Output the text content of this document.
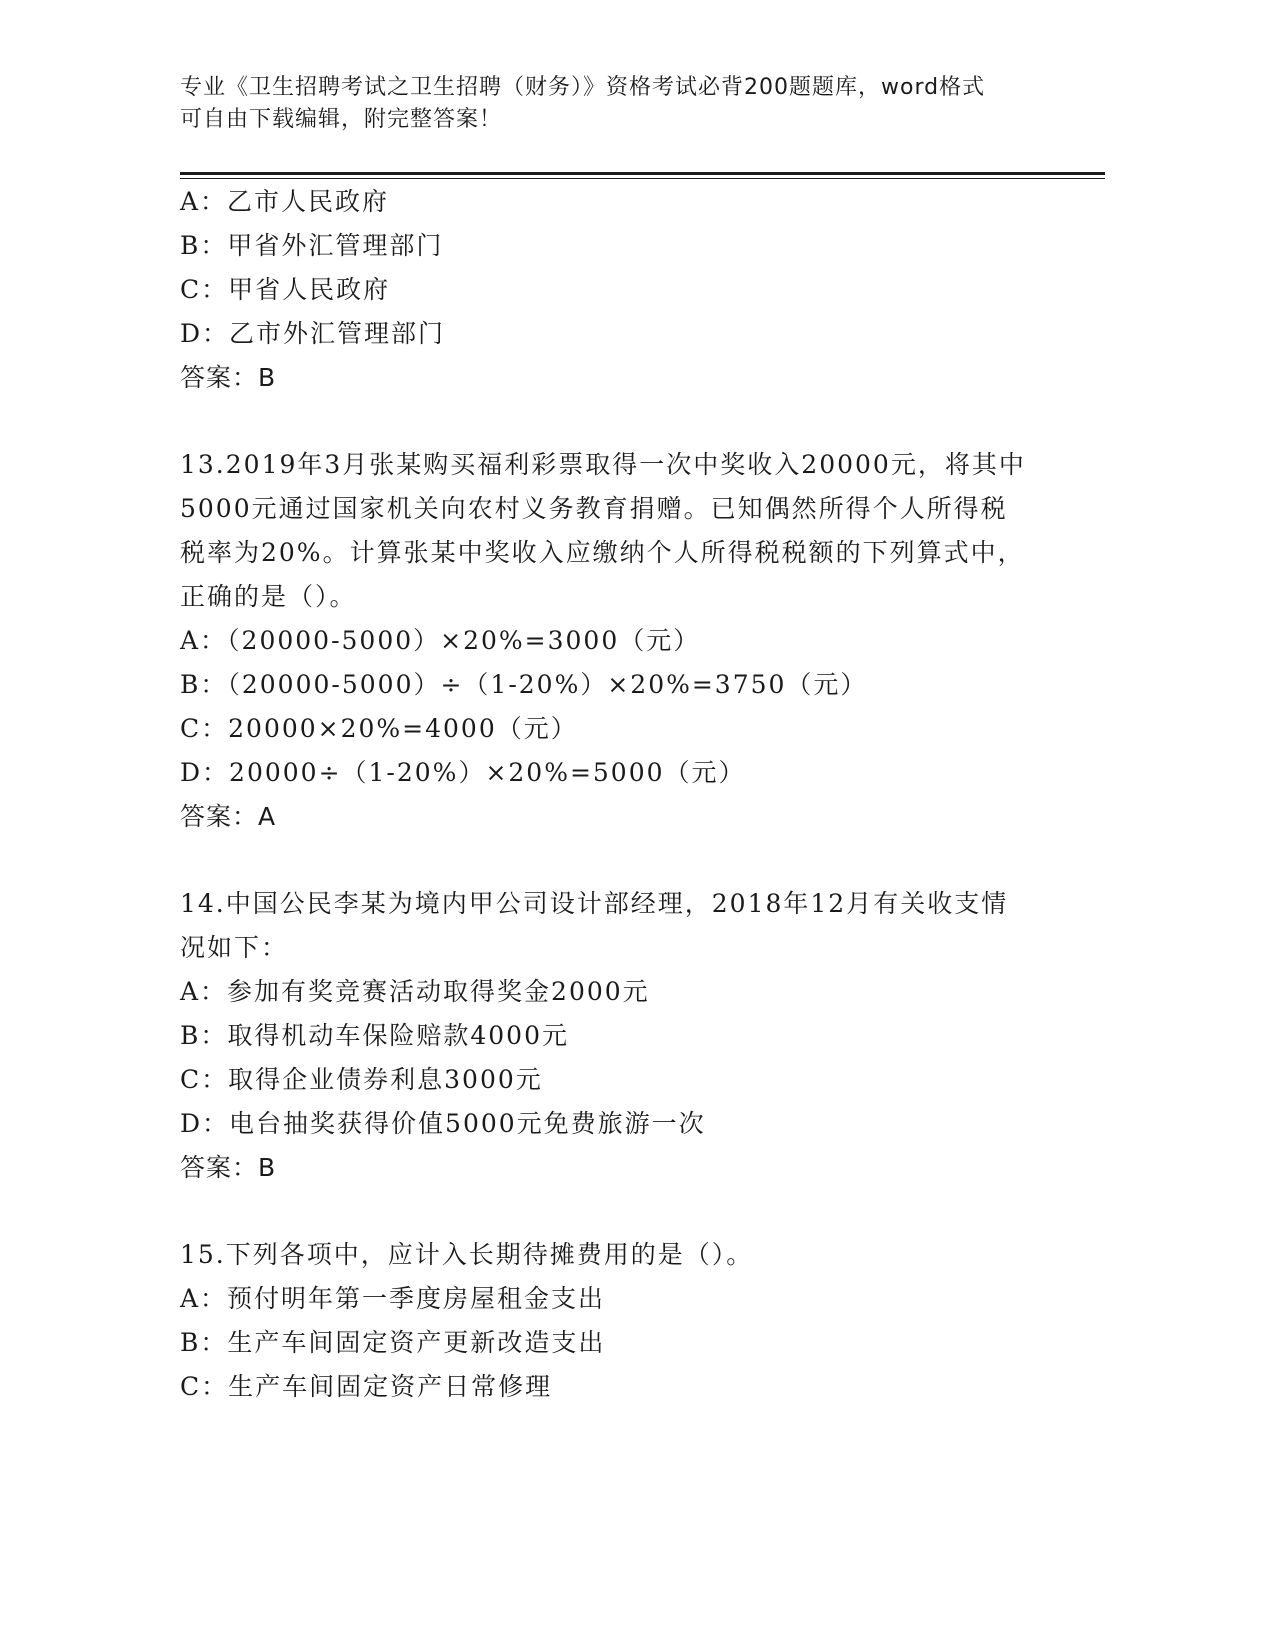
专业《卫生招聘考试之卫生招聘（财务）》资格考试必背200题题库，word格式
可自由下载编辑，附完整答案！
A：乙市人民政府
B：甲省外汇管理部门
C：甲省人民政府
D：乙市外汇管理部门
答案：B
13.2019年3月张某购买福利彩票取得一次中奖收入20000元，将其中
5000元通过国家机关向农村义务教育捐赠。已知偶然所得个人所得税
税率为20%。计算张某中奖收入应缴纳个人所得税税额的下列算式中，
正确的是（）。
A：（20000-5000）×20%=3000（元）
B：（20000-5000）÷（1-20%）×20%=3750（元）
C：20000×20%=4000（元）
D：20000÷（1-20%）×20%=5000（元）
答案：A
14.中国公民李某为境内甲公司设计部经理，2018年12月有关收支情
况如下：
A：参加有奖竞赛活动取得奖金2000元
B：取得机动车保险赔款4000元
C：取得企业债券利息3000元
D：电台抽奖获得价值5000元免费旅游一次
答案：B
15.下列各项中，应计入长期待摊费用的是（）。
A：预付明年第一季度房屋租金支出
B：生产车间固定资产更新改造支出
C：生产车间固定资产日常修理
